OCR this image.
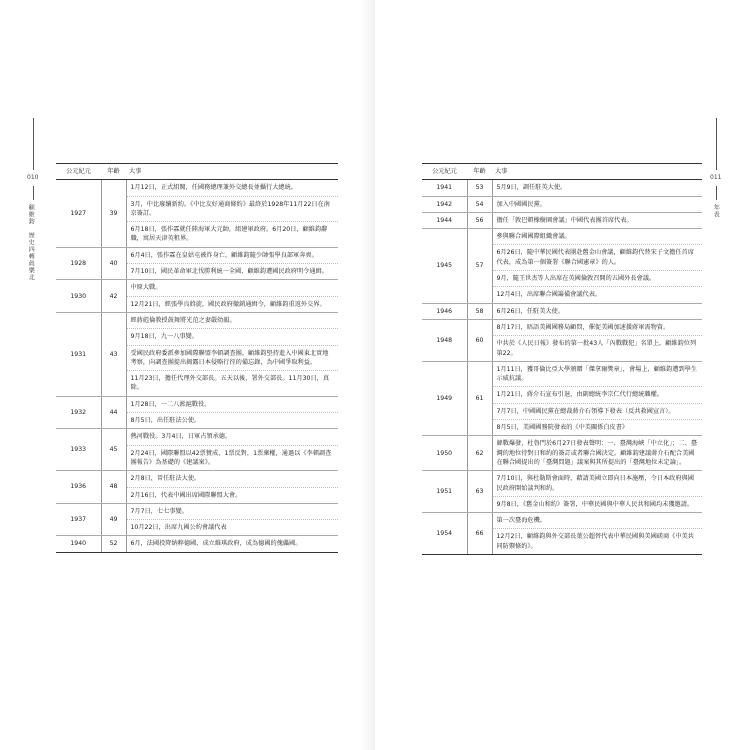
010
顧維鈞　歷史四轉眞樂北
公元紀元	年齡	大事
1927	39	1月12日，正式組閣，任國務總理兼外交總長並攝行大總統。
3月，中比廢續新約。《中比友好通商條約》最終於1928年11月22日在南京簽訂。
6月18日，張作霖就任陸海軍大元帥，組建軍政府。6月20日，顧維鈞辭職，寓居天津英租界。

1928	40	6月4日，張作霖在皇姑屯被炸身亡，顧維鈞隨少帥張學良部軍奔喪。
7月10日，國民革命軍北伐勝利統一全國，顧維鈞遭國民政府明令通緝。

1930	42	中原大戰。
12月21日，經張學良斡旋，國民政府撤銷通緝令，顧維鈞重返外交界。

1931	43	經蔣彪倫教授鼓舞將光范之妻嚴幼韻。
9月18日，九一八事變。
受國民政府委派參加國際聯盟李頓調查團。顧維鈞堅持進入中國東北實地考察，向調查團提出揭露日本侵略行徑的備忘錄，為中國爭取利益。
11月23日，擔任代理外交部長。五天以後，署外交部長。11月30日，真除。

1932	44	1月28日，一二八淞滬戰役。
8月5日，出任駐法公使。

1933	45	熱河戰役。3月4日，日軍占領承德。
2月24日，國際聯盟以42票贊成，1票反對，1票棄權，通過以《李頓調查團報告》為基礎的《建議案》。

1936	48	2月8日，晉任駐法大使。
2月16日，代表中國出席國際聯盟大會。

1937	49	7月7日，七七事變。
10月22日，出席九國公約會議代表

1940	52	6月，法國投降納粹德國，成立維琪政府，成為德國的傀儡國。
011
年表
公元紀元	年齡	大事
1941	53	5月9日，調任駐英大使。

1942	54	加入中國國民黨。

1944	56	擔任「敦巴頓橡樹園會議」中國代表團首席代表。

1945	57	參與聯合國國際組織會議。
6月26日，隨中華民國代表團赴舊金山會議，顧維鈞代替宋子文擔任首席代表，成為第一個簽署《聯合國憲章》的人。
9月，隨王世杰等人出席在英國倫敦召開的五國外長會議。
12月4日，出席聯合國籌備會議代表。

1946	58	6月26日，任駐美大使。

1948	60	8月17日，晤語美國國務局顧問，催促美國加速援蔣軍需物資。
中共於《人民日報》發布的第一批43人「內戰戰犯」名單上，顧維鈞位列第22。

1949	61	1月11日，獲哥倫比亞大學頒贈「傑拿爾獎章」，會場上，顧維鈞遭到學生示威抗議。
1月21日，蔣介石宣布引退，由副總統李宗仁代行總統職權。
7月7日，中國國民黨在總裁蔣介石領導下發表（反共救國宣言）。
8月5日，美國國務院發表的《中美關係白皮書》

1950	62	韓戰爆發，杜魯門於6月27日發表聲明：一、臺灣海峽「中立化」；二、臺灣的地位待對日和約的簽訂或者聯合國決定。顧維鈞建議蔣介石配合美國在聯合國提出的「臺灣問題」議案與其所提出的「臺灣地位未定論」。

1951	63	7月10日，與杜勒斯會面時，藉請美國立即向日本施壓，令日本政府與國民政府開始談判和約。
9月8日，《舊金山和約》簽署，中華民國與中華人民共和國均未獲邀請。

1954	66	第一次臺海危機。
12月2日，顧維鈞與外交部長葉公超替代表中華民國與美國磋商《中美共同防禦條約》。
